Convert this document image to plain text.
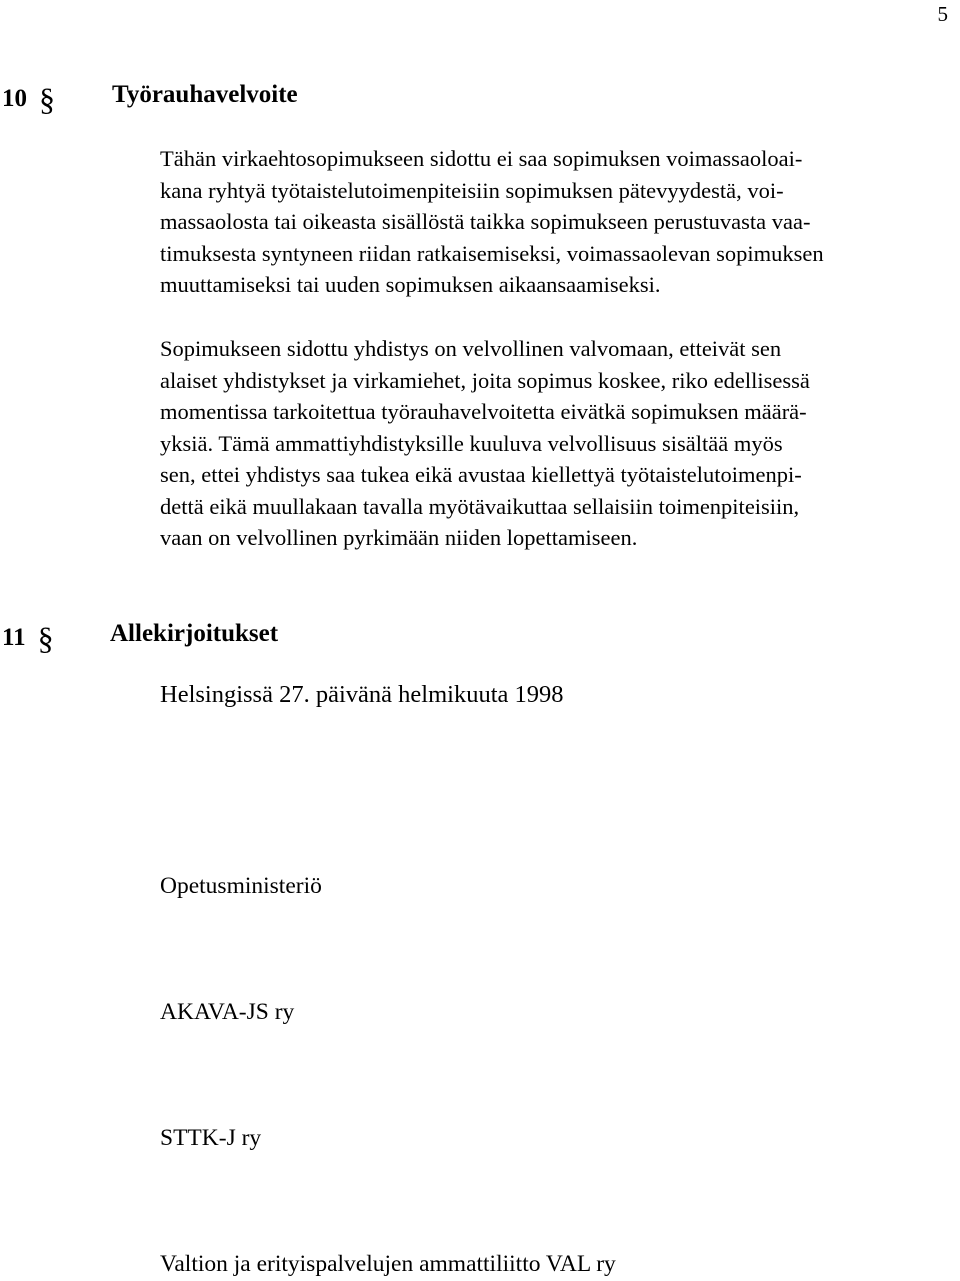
5
10 § Työrauhavelvoite

Tähän virkaehtosopimukseen sidottu ei saa sopimuksen voimassaoloai-
kana ryhtyä työtaistelutoimenpiteisiin sopimuksen pätevyydestä, voi-
massaolosta tai oikeasta sisällöstä taikka sopimukseen perustuvasta vaa-
timuksesta syntyneen riidan ratkaisemiseksi, voimassaolevan sopimuksen
muuttamiseksi tai uuden sopimuksen aikaansaamiseksi.

Sopimukseen sidottu yhdistys on velvollinen valvomaan, etteivät sen
alaiset yhdistykset ja virkamiehet, joita sopimus koskee, riko edellisessä
momentissa tarkoitettua työrauhavelvoitetta eivätkä sopimuksen määrä-
yksiä. Tämä ammattiyhdistyksille kuuluva velvollisuus sisältää myös
sen, ettei yhdistys saa tukea eikä avustaa kiellettyä työtaistelutoimenpi-
dettä eikä muullakaan tavalla myötävaikuttaa sellaisiin toimenpiteisiin,
vaan on velvollinen pyrkimään niiden lopettamiseen.

11 § Allekirjoitukset
Helsingissä 27. päivänä helmikuuta 1998
Opetusministeriö
AKAVA-JS ry
STTK-J ry
Valtion ja erityispalvelujen ammattiliitto VAL ry
